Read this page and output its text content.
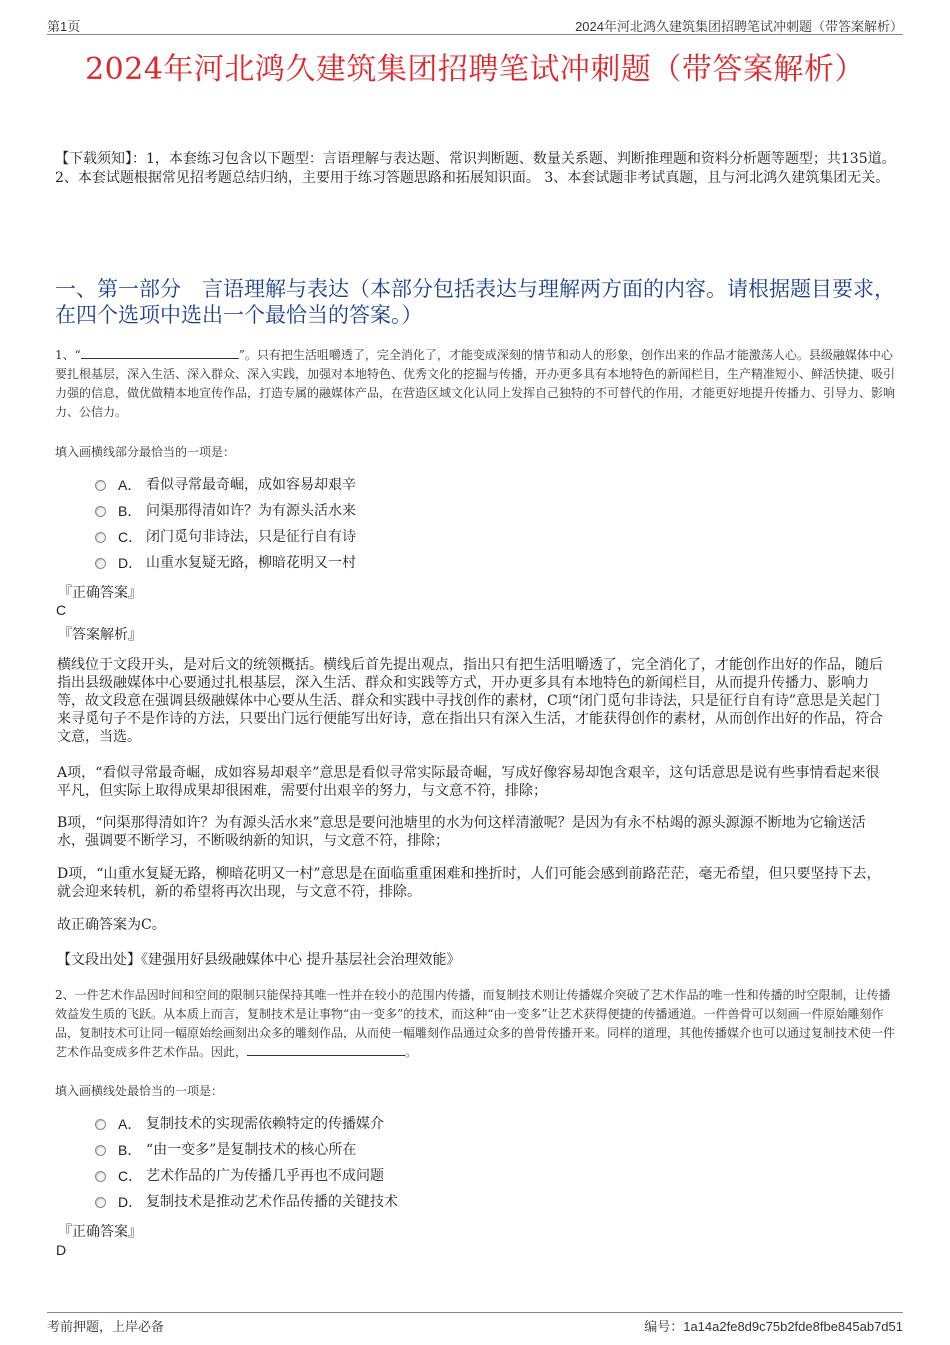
第1页	2024年河北鸿久建筑集团招聘笔试冲刺题（带答案解析）
2024年河北鸿久建筑集团招聘笔试冲刺题（带答案解析）

【下载须知】：1，本套练习包含以下题型：言语理解与表达题、常识判断题、数量关系题、判断推理题和资料分析题等题型；共135道。 2、本套试题根据常见招考题总结归纳，主要用于练习答题思路和拓展知识面。 3、本套试题非考试真题，且与河北鸿久建筑集团无关。

一、第一部分　言语理解与表达（本部分包括表达与理解两方面的内容。请根据题目要求，在四个选项中选出一个最恰当的答案。）

1、“	”。只有把生活咀嚼透了，完全消化了，才能变成深刻的情节和动人的形象，创作出来的作品才能激荡人心。县级融媒体中心要扎根基层，深入生活、深入群众、深入实践，加强对本地特色、优秀文化的挖掘与传播，开办更多具有本地特色的新闻栏目，生产精准短小、鲜活快捷、吸引力强的信息，做优做精本地宣传作品，打造专属的融媒体产品，在营造区域文化认同上发挥自己独特的不可替代的作用，才能更好地提升传播力、引导力、影响力、公信力。

填入画横线部分最恰当的一项是：

A． 看似寻常最奇崛，成如容易却艰辛
B． 问渠那得清如许？为有源头活水来
C． 闭门觅句非诗法，只是征行自有诗
D． 山重水复疑无路，柳暗花明又一村

『正确答案』

C

『答案解析』

横线位于文段开头，是对后文的统领概括。横线后首先提出观点，指出只有把生活咀嚼透了，完全消化了，才能创作出好的作品，随后指出县级融媒体中心要通过扎根基层，深入生活、群众和实践等方式，开办更多具有本地特色的新闻栏目，从而提升传播力、影响力等，故文段意在强调县级融媒体中心要从生活、群众和实践中寻找创作的素材，C项“闭门觅句非诗法，只是征行自有诗”意思是关起门来寻觅句子不是作诗的方法，只要出门远行便能写出好诗，意在指出只有深入生活，才能获得创作的素材，从而创作出好的作品，符合文意，当选。

A项，“看似寻常最奇崛，成如容易却艰辛”意思是看似寻常实际最奇崛，写成好像容易却饱含艰辛，这句话意思是说有些事情看起来很平凡，但实际上取得成果却很困难，需要付出艰辛的努力，与文意不符，排除；

B项，“问渠那得清如许？为有源头活水来”意思是要问池塘里的水为何这样清澈呢？是因为有永不枯竭的源头源源不断地为它输送活水，强调要不断学习，不断吸纳新的知识，与文意不符，排除；

D项，“山重水复疑无路，柳暗花明又一村”意思是在面临重重困难和挫折时，人们可能会感到前路茫茫，毫无希望，但只要坚持下去，就会迎来转机，新的希望将再次出现，与文意不符，排除。

故正确答案为C。

【文段出处】《建强用好县级融媒体中心 提升基层社会治理效能》

2、一件艺术作品因时间和空间的限制只能保持其唯一性并在较小的范围内传播，而复制技术则让传播媒介突破了艺术作品的唯一性和传播的时空限制，让传播效益发生质的飞跃。从本质上而言，复制技术是让事物“由一变多”的技术，而这种“由一变多”让艺术获得便捷的传播通道。一件兽骨可以刻画一件原始雕刻作品，复制技术可让同一幅原始绘画刻出众多的雕刻作品，从而使一幅雕刻作品通过众多的兽骨传播开来。同样的道理，其他传播媒介也可以通过复制技术使一件艺术作品变成多件艺术作品。因此，	。

填入画横线处最恰当的一项是：

A． 复制技术的实现需依赖特定的传播媒介
B． “由一变多”是复制技术的核心所在
C． 艺术作品的广为传播几乎再也不成问题
D． 复制技术是推动艺术作品传播的关键技术

『正确答案』

D

考前押题，上岸必备	编号：1a14a2fe8d9c75b2fde8fbe845ab7d51
